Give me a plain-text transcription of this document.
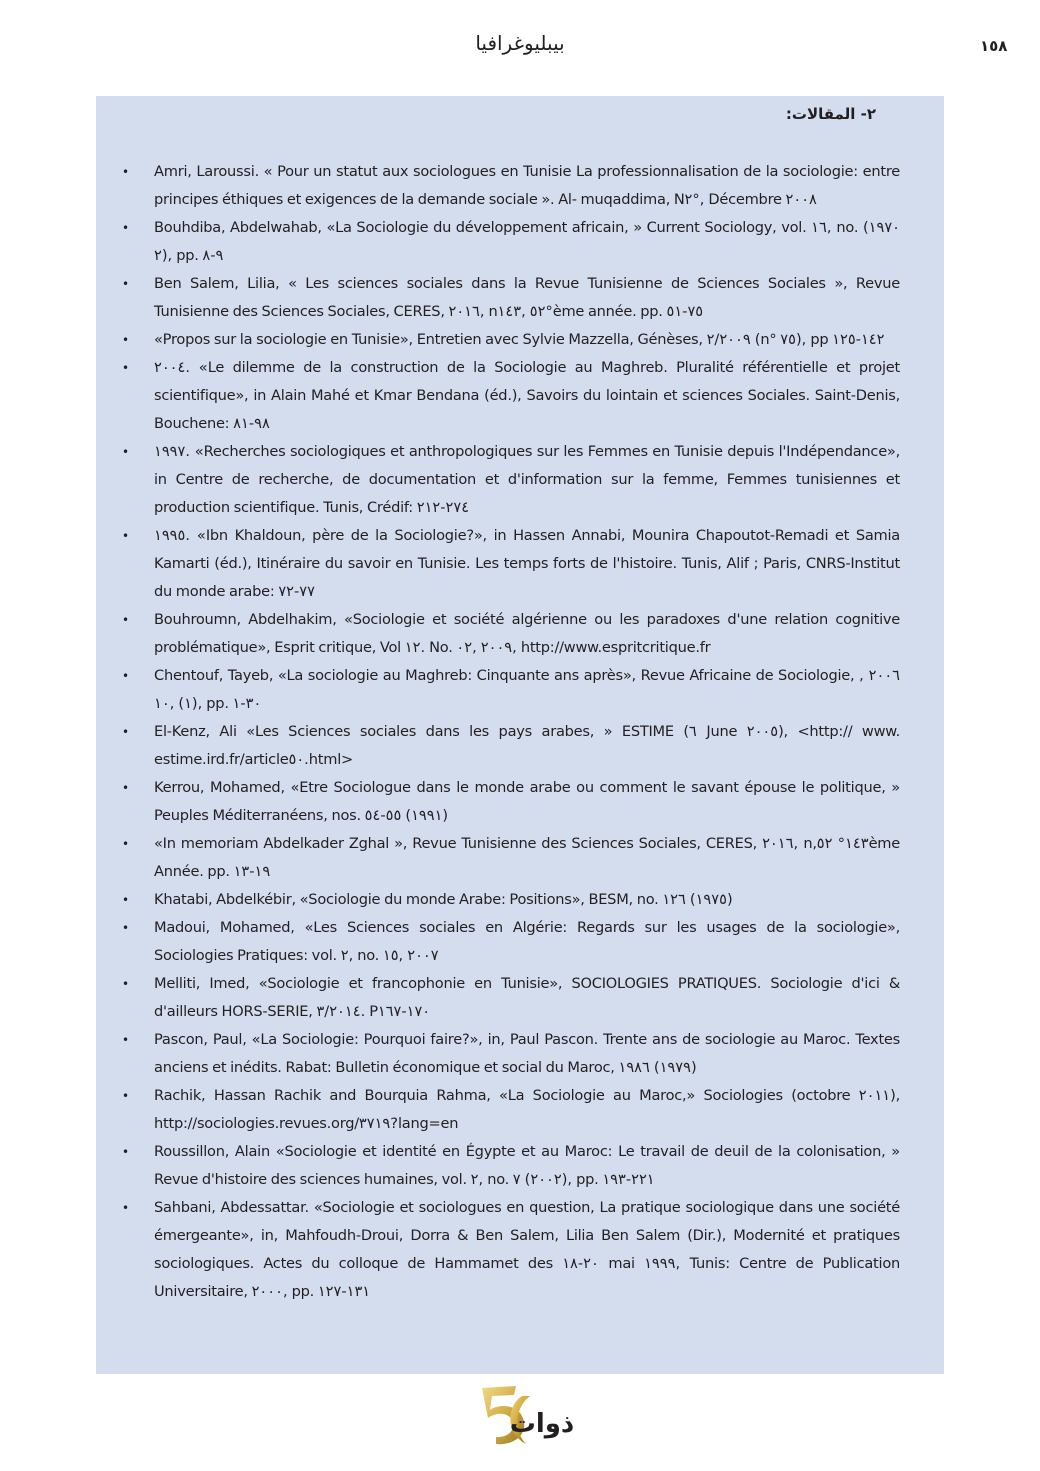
١٥٨
بيبليوغرافيا
٢- المقالات:
• Amri, Laroussi. « Pour un statut aux sociologues en Tunisie La professionnalisation de la sociologie: entre principes éthiques et exigences de la demande sociale ». Al- muqaddima, N٢°, Décembre ٢٠٠٨
• Bouhdiba, Abdelwahab, «La Sociologie du développement africain, » Current Sociology, vol. ١٦, no. ١٩٧٠) ٢), pp. ٩-٨
• Ben Salem, Lilia, « Les sciences sociales dans la Revue Tunisienne de Sciences Sociales », Revue Tunisienne des Sciences Sociales, CERES, ٢٠١٦, n٥٢ ,١٤٣°ème année. pp. ٧٥-٥١
• «Propos sur la sociologie en Tunisie», Entretien avec Sylvie Mazzella, Génèses, ٢/٢٠٠٩ (n° ٧٥), pp ١٤٢-١٢٥
• ٢٠٠٤. «Le dilemme de la construction de la Sociologie au Maghreb. Pluralité référentielle et projet scientifique», in Alain Mahé et Kmar Bendana (éd.), Savoirs du lointain et sciences Sociales. Saint-Denis, Bouchene: ٩٨-٨١
• ١٩٩٧. «Recherches sociologiques et anthropologiques sur les Femmes en Tunisie depuis l'Indépendance», in Centre de recherche, de documentation et d'information sur la femme, Femmes tunisiennes et production scientifique. Tunis, Crédif: ٢٧٤-٢١٢
• ١٩٩٥. «Ibn Khaldoun, père de la Sociologie?», in Hassen Annabi, Mounira Chapoutot-Remadi et Samia Kamarti (éd.), Itinéraire du savoir en Tunisie. Les temps forts de l'histoire. Tunis, Alif ; Paris, CNRS-Institut du monde arabe: ٧٧-٧٢
• Bouhroumn, Abdelhakim, «Sociologie et société algérienne ou les paradoxes d'une relation cognitive problématique», Esprit critique, Vol ١٢. No. ٢٠٠٩ ,٠٢, http://www.espritcritique.fr
• Chentouf, Tayeb, «La sociologie au Maghreb: Cinquante ans après», Revue Africaine de Sociologie, ٢٠٠٦ ,(١) ,١٠, pp. ٣٠-١
• El-Kenz, Ali «Les Sciences sociales dans les pays arabes, » ESTIME (٦ June ٢٠٠٥), <http:// www. estime.ird.fr/article٥٠.html>
• Kerrou, Mohamed, «Etre Sociologue dans le monde arabe ou comment le savant épouse le politique, » Peuples Méditerranéens, nos. ١٩٩١) ٥٥-٥٤)
• «In memoriam Abdelkader Zghal », Revue Tunisienne des Sciences Sociales, CERES, ٢٠١٦, n,١٤٣° ٥٢ème Année. pp. ١٩-١٣
• Khatabi, Abdelkébir, «Sociologie du monde Arabe: Positions», BESM, no. ١٩٧٥) ١٢٦)
• Madoui, Mohamed, «Les Sciences sociales en Algérie: Regards sur les usages de la sociologie», Sociologies Pratiques: vol. ٢, no. ٢٠٠٧ ,١٥
• Melliti, Imed, «Sociologie et francophonie en Tunisie», SOCIOLOGIES PRATIQUES. Sociologie d'ici & d'ailleurs HORS-SERIE, ٣/٢٠١٤. P١٧٠-١٦٧
• Pascon, Paul, «La Sociologie: Pourquoi faire?», in, Paul Pascon. Trente ans de sociologie au Maroc. Textes anciens et inédits. Rabat: Bulletin économique et social du Maroc, ١٩٧٩) ١٩٨٦)
• Rachik, Hassan Rachik and Bourquia Rahma, «La Sociologie au Maroc,» Sociologies (octobre ٢٠١١), http://sociologies.revues.org/٣٧١٩?lang=en
• Roussillon, Alain «Sociologie et identité en Égypte et au Maroc: Le travail de deuil de la colonisation, » Revue d'histoire des sciences humaines, vol. ٢, no. ٢٠٠٢) ٧), pp. ٢٢١-١٩٣
• Sahbani, Abdessattar. «Sociologie et sociologues en question, La pratique sociologique dans une société émergeante», in, Mahfoudh-Droui, Dorra & Ben Salem, Lilia Ben Salem (Dir.), Modernité et pratiques sociologiques. Actes du colloque de Hammamet des ٢٠-١٨ mai ١٩٩٩, Tunis: Centre de Publication Universitaire, ٢٠٠٠, pp. ١٣١-١٢٧
ذوات
